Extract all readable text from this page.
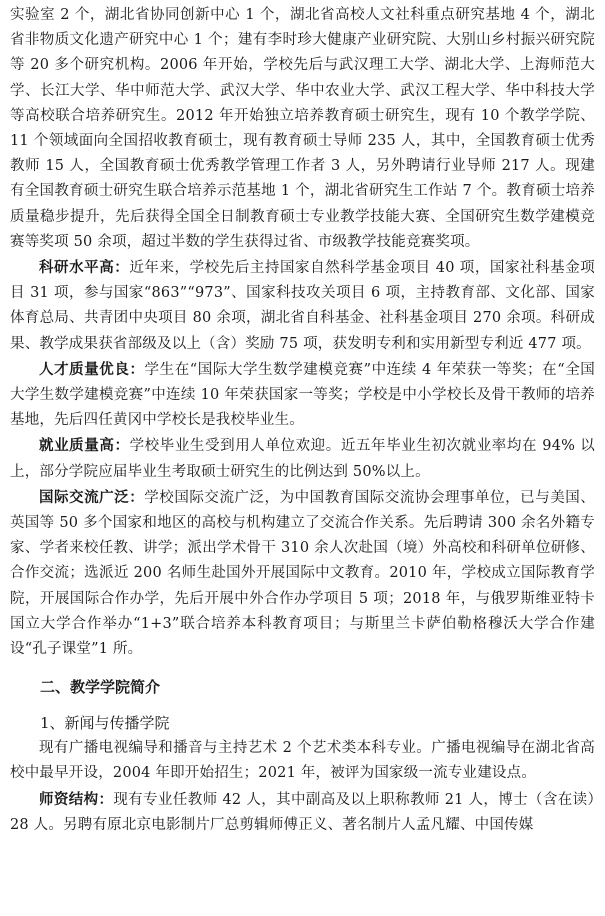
实验室 2 个，湖北省协同创新中心 1 个，湖北省高校人文社科重点研究基地 4 个，湖北省非物质文化遗产研究中心 1 个；建有李时珍大健康产业研究院、大别山乡村振兴研究院等 20 多个研究机构。2006 年开始，学校先后与武汉理工大学、湖北大学、上海师范大学、长江大学、华中师范大学、武汉大学、华中农业大学、武汉工程大学、华中科技大学等高校联合培养研究生。2012 年开始独立培养教育硕士研究生，现有 10 个教学学院、11 个领域面向全国招收教育硕士，现有教育硕士导师 235 人，其中，全国教育硕士优秀教师 15 人，全国教育硕士优秀教学管理工作者 3 人，另外聘请行业导师 217 人。现建有全国教育硕士研究生联合培养示范基地 1 个，湖北省研究生工作站 7 个。教育硕士培养质量稳步提升，先后获得全国全日制教育硕士专业教学技能大赛、全国研究生数学建模竞赛等奖项 50 余项，超过半数的学生获得过省、市级教学技能竞赛奖项。

科研水平高：近年来，学校先后主持国家自然科学基金项目 40 项，国家社科基金项目 31 项，参与国家“863”“973”、国家科技攻关项目 6 项，主持教育部、文化部、国家体育总局、共青团中央项目 80 余项，湖北省自科基金、社科基金项目 270 余项。科研成果、教学成果获省部级及以上（含）奖励 75 项，获发明专利和实用新型专利近 477 项。

人才质量优良：学生在“国际大学生数学建模竞赛”中连续 4 年荣获一等奖；在“全国大学生数学建模竞赛”中连续 10 年荣获国家一等奖；学校是中小学校长及骨干教师的培养基地，先后四任黄冈中学校长是我校毕业生。

就业质量高：学校毕业生受到用人单位欢迎。近五年毕业生初次就业率均在 94% 以上，部分学院应届毕业生考取硕士研究生的比例达到 50%以上。

国际交流广泛：学校国际交流广泛，为中国教育国际交流协会理事单位，已与美国、英国等 50 多个国家和地区的高校与机构建立了交流合作关系。先后聘请 300 余名外籍专家、学者来校任教、讲学；派出学术骨干 310 余人次赴国（境）外高校和科研单位研修、合作交流；选派近 200 名师生赴国外开展国际中文教育。2010 年，学校成立国际教育学院，开展国际合作办学，先后开展中外合作办学项目 5 项；2018 年，与俄罗斯维亚特卡国立大学合作举办“1+3”联合培养本科教育项目；与斯里兰卡萨伯勒格穆沃大学合作建设“孔子课堂”1 所。

二、教学学院简介
1、新闻与传播学院

现有广播电视编导和播音与主持艺术 2 个艺术类本科专业。广播电视编导在湖北省高校中最早开设，2004 年即开始招生；2021 年，被评为国家级一流专业建设点。

师资结构：现有专业任教师 42 人，其中副高及以上职称教师 21 人，博士（含在读）28 人。另聘有原北京电影制片厂总剪辑师傅正义、著名制片人孟凡耀、中国传媒
